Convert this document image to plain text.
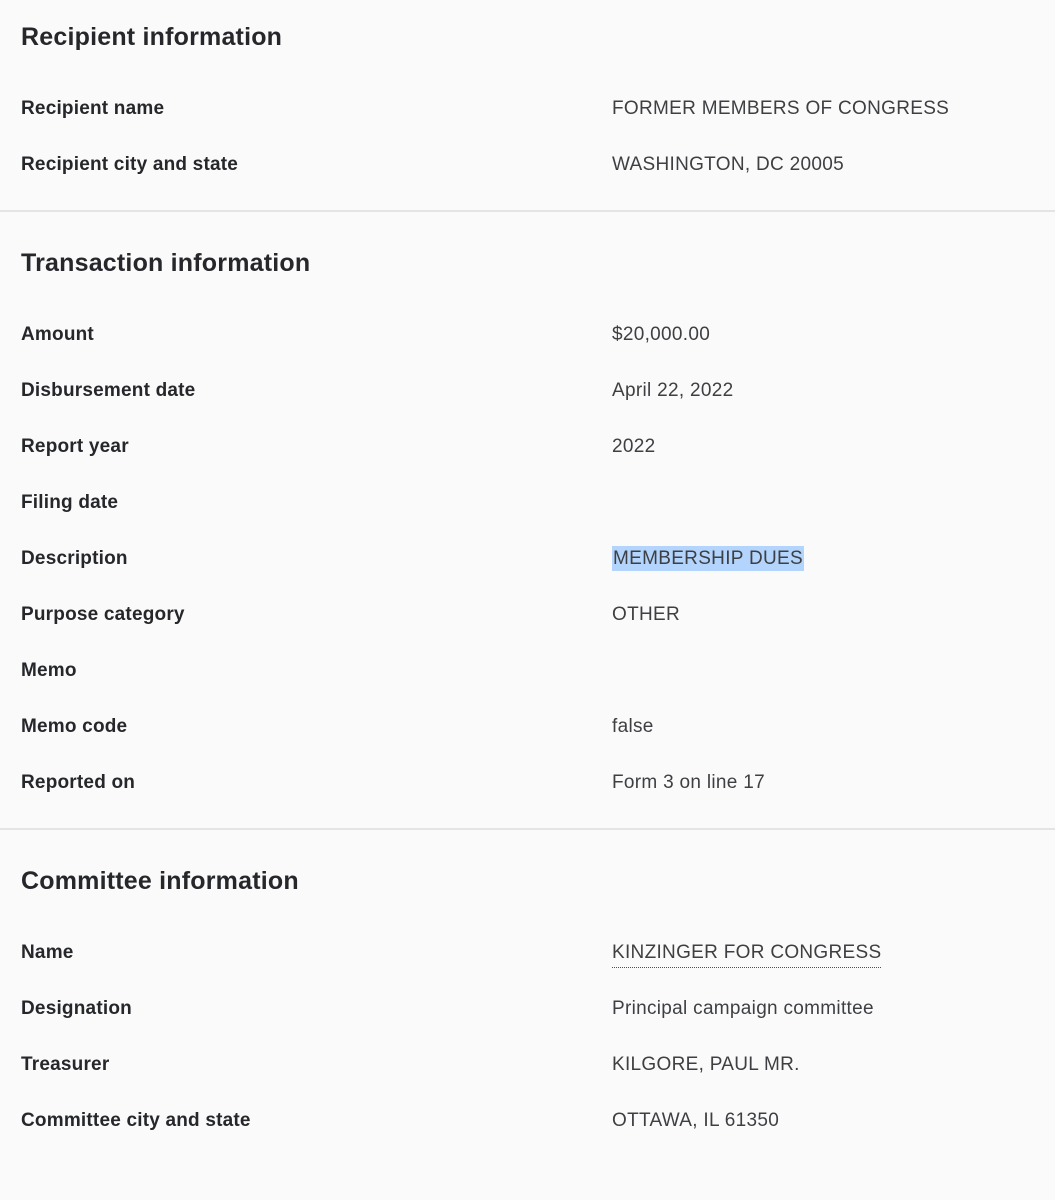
Recipient information
Recipient name	FORMER MEMBERS OF CONGRESS
Recipient city and state	WASHINGTON, DC 20005
Transaction information
Amount	$20,000.00
Disbursement date	April 22, 2022
Report year	2022
Filing date
Description	MEMBERSHIP DUES
Purpose category	OTHER
Memo
Memo code	false
Reported on	Form 3 on line 17
Committee information
Name	KINZINGER FOR CONGRESS
Designation	Principal campaign committee
Treasurer	KILGORE, PAUL MR.
Committee city and state	OTTAWA, IL 61350
